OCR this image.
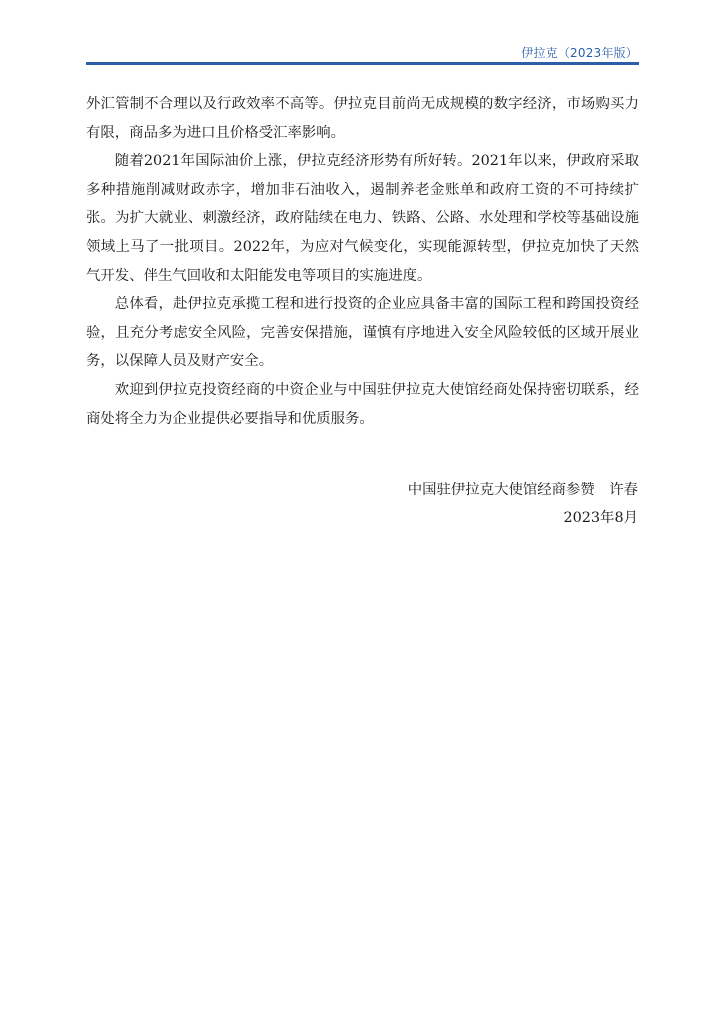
伊拉克（2023年版）

外汇管制不合理以及行政效率不高等。伊拉克目前尚无成规模的数字经济，市场购买力有限，商品多为进口且价格受汇率影响。

随着2021年国际油价上涨，伊拉克经济形势有所好转。2021年以来，伊政府采取多种措施削减财政赤字，增加非石油收入，遏制养老金账单和政府工资的不可持续扩张。为扩大就业、刺激经济，政府陆续在电力、铁路、公路、水处理和学校等基础设施领域上马了一批项目。2022年，为应对气候变化，实现能源转型，伊拉克加快了天然气开发、伴生气回收和太阳能发电等项目的实施进度。

总体看，赴伊拉克承揽工程和进行投资的企业应具备丰富的国际工程和跨国投资经验，且充分考虑安全风险，完善安保措施，谨慎有序地进入安全风险较低的区域开展业务，以保障人员及财产安全。

欢迎到伊拉克投资经商的中资企业与中国驻伊拉克大使馆经商处保持密切联系，经商处将全力为企业提供必要指导和优质服务。

中国驻伊拉克大使馆经商参赞　许春
2023年8月
